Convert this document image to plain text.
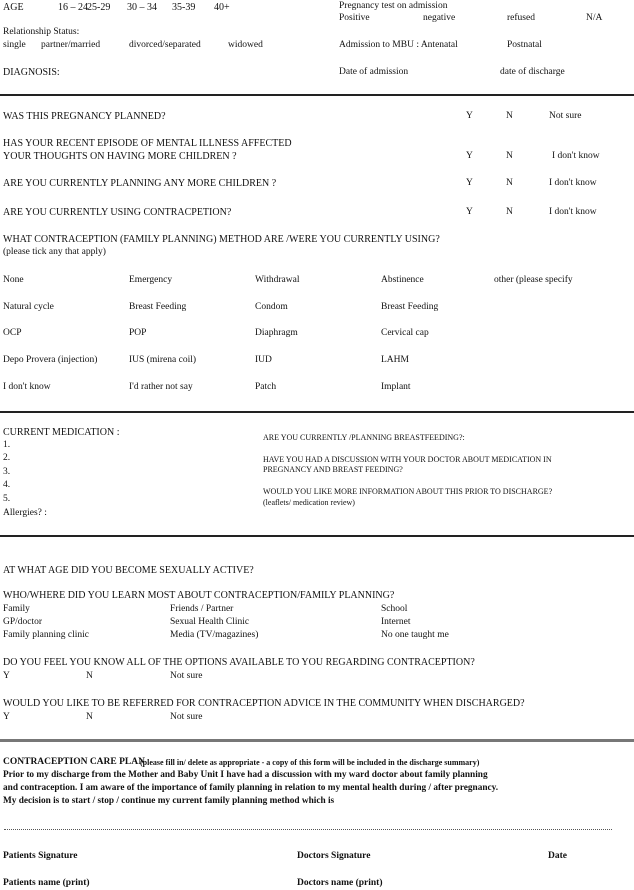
AGE	16 – 24 25-29 30 – 34 35-39 40+	Pregnancy test on admission
Positive	negative	refused	N/A
Relationship Status:
single partner/married	divorced/separated	widowed	Admission to MBU : Antenatal	Postnatal
DIAGNOSIS:	Date of admission	date of discharge
WAS THIS PREGNANCY PLANNED?	Y	N	Not sure
HAS YOUR RECENT EPISODE OF MENTAL ILLNESS AFFECTED
YOUR THOUGHTS ON HAVING MORE CHILDREN ?	Y	N	I don't know
ARE YOU CURRENTLY PLANNING ANY MORE CHILDREN ?	Y	N	I don't know
ARE YOU CURRENTLY USING CONTRACPETION?	Y	N	I don't know
WHAT CONTRACEPTION (FAMILY PLANNING) METHOD ARE /WERE YOU CURRENTLY USING?
(please tick any that apply)
None	Emergency	Withdrawal	Abstinence	other (please specify
Natural cycle	Breast Feeding	Condom	Breast Feeding
OCP	POP	Diaphragm	Cervical cap
Depo Provera (injection)	IUS (mirena coil)	IUD	LAHM
I don't know	I'd rather not say	Patch	Implant
CURRENT MEDICATION :
1.
2.
3.
4.
5.
Allergies? :
ARE YOU CURRENTLY /PLANNING BREASTFEEDING?:
HAVE YOU HAD A DISCUSSION WITH YOUR DOCTOR ABOUT MEDICATION IN
PREGNANCY AND BREAST FEEDING?
WOULD YOU LIKE MORE INFORMATION ABOUT THIS PRIOR TO DISCHARGE?
(leaflets/ medication review)
AT WHAT AGE DID YOU BECOME SEXUALLY ACTIVE?
WHO/WHERE DID YOU LEARN MOST ABOUT CONTRACEPTION/FAMILY PLANNING?
Family	Friends / Partner	School
GP/doctor	Sexual Health Clinic	Internet
Family planning clinic	Media (TV/magazines)	No one taught me
DO YOU FEEL YOU KNOW ALL OF THE OPTIONS AVAILABLE TO YOU REGARDING CONTRACEPTION?
Y	N	Not sure
WOULD YOU LIKE TO BE REFERRED FOR CONTRACEPTION ADVICE IN THE COMMUNITY WHEN DISCHARGED?
Y	N	Not sure
CONTRACEPTION CARE PLAN
(please fill in/ delete as appropriate - a copy of this form will be included in the discharge summary)
Prior to my discharge from the Mother and Baby Unit I have had a discussion with my ward doctor about family planning
and contraception. I am aware of the importance of family planning in relation to my mental health during / after pregnancy.
My decision is to start / stop / continue my current family planning method which is
Patients Signature	Doctors Signature	Date
Patients name (print)	Doctors name (print)
